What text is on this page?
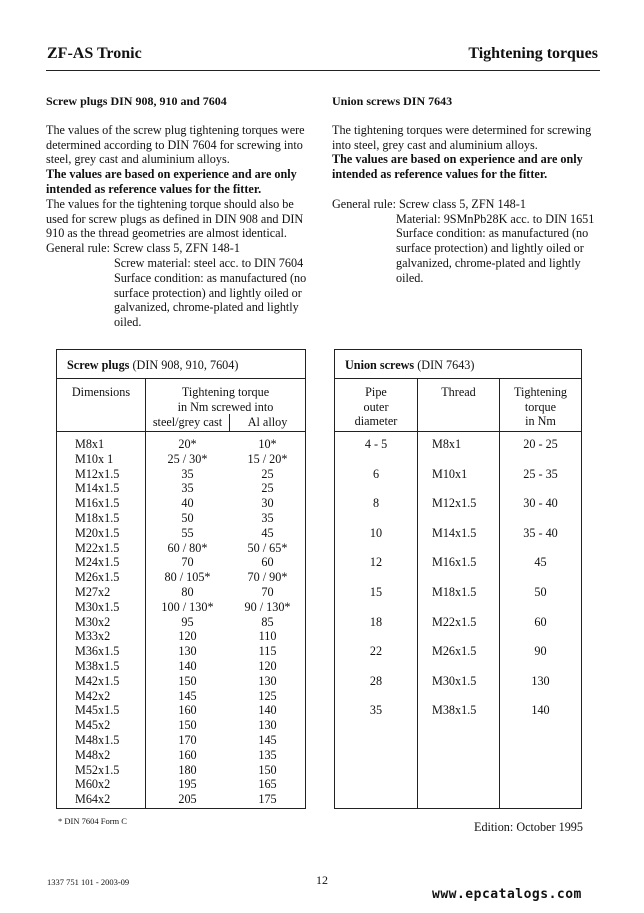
ZF-AS Tronic	Tightening torques
Screw plugs DIN 908, 910 and 7604

The values of the screw plug tightening torques were determined according to DIN 7604 for screwing into steel, grey cast and aluminium alloys.

The values are based on experience and are only intended as reference values for the fitter.

The values for the tightening torque should also be used for screw plugs as defined in DIN 908 and DIN 910 as the thread geometries are almost identical.

General rule: Screw class 5, ZFN 148-1

Screw material: steel acc. to DIN 7604

Surface condition: as manufactured (no surface protection) and lightly oiled or galvanized, chrome-plated and lightly oiled.

Union screws DIN 7643

The tightening torques were determined for screwing into steel, grey cast and aluminium alloys.

The values are based on experience and are only intended as reference values for the fitter.

General rule: Screw class 5, ZFN 148-1

Material: 9SMnPb28K acc. to DIN 1651

Surface condition: as manufactured (no surface protection) and lightly oiled or galvanized, chrome-plated and lightly oiled.

Screw plugs (DIN 908, 910, 7604)
Dimensions	Tightening torque
in Nm screwed into
steel/grey cast	Al alloy
M8x1	20*	10*
M10x 1	25 / 30*	15 / 20*
M12x1.5	35	25
M14x1.5	35	25
M16x1.5	40	30
M18x1.5	50	35
M20x1.5	55	45
M22x1.5	60 / 80*	50 / 65*
M24x1.5	70	60
M26x1.5	80 / 105*	70 / 90*
M27x2	80	70
M30x1.5	100 / 130*	90 / 130*
M30x2	95	85
M33x2	120	110
M36x1.5	130	115
M38x1.5	140	120
M42x1.5	150	130
M42x2	145	125
M45x1.5	160	140
M45x2	150	130
M48x1.5	170	145
M48x2	160	135
M52x1.5	180	150
M60x2	195	165
M64x2	205	175
Union screws (DIN 7643)
Pipe
outer
diameter
Thread	Tightening
torque
in Nm
4 - 5	M8x1	20 - 25
6	M10x1	25 - 35
8	M12x1.5	30 - 40
10	M14x1.5	35 - 40
12	M16x1.5	45
15	M18x1.5	50
18	M22x1.5	60
22	M26x1.5	90
28	M30x1.5	130
35	M38x1.5	140
* DIN 7604 Form C	Edition: October 1995
1337 751 101 - 2003-09	12
www.epcatalogs.com
